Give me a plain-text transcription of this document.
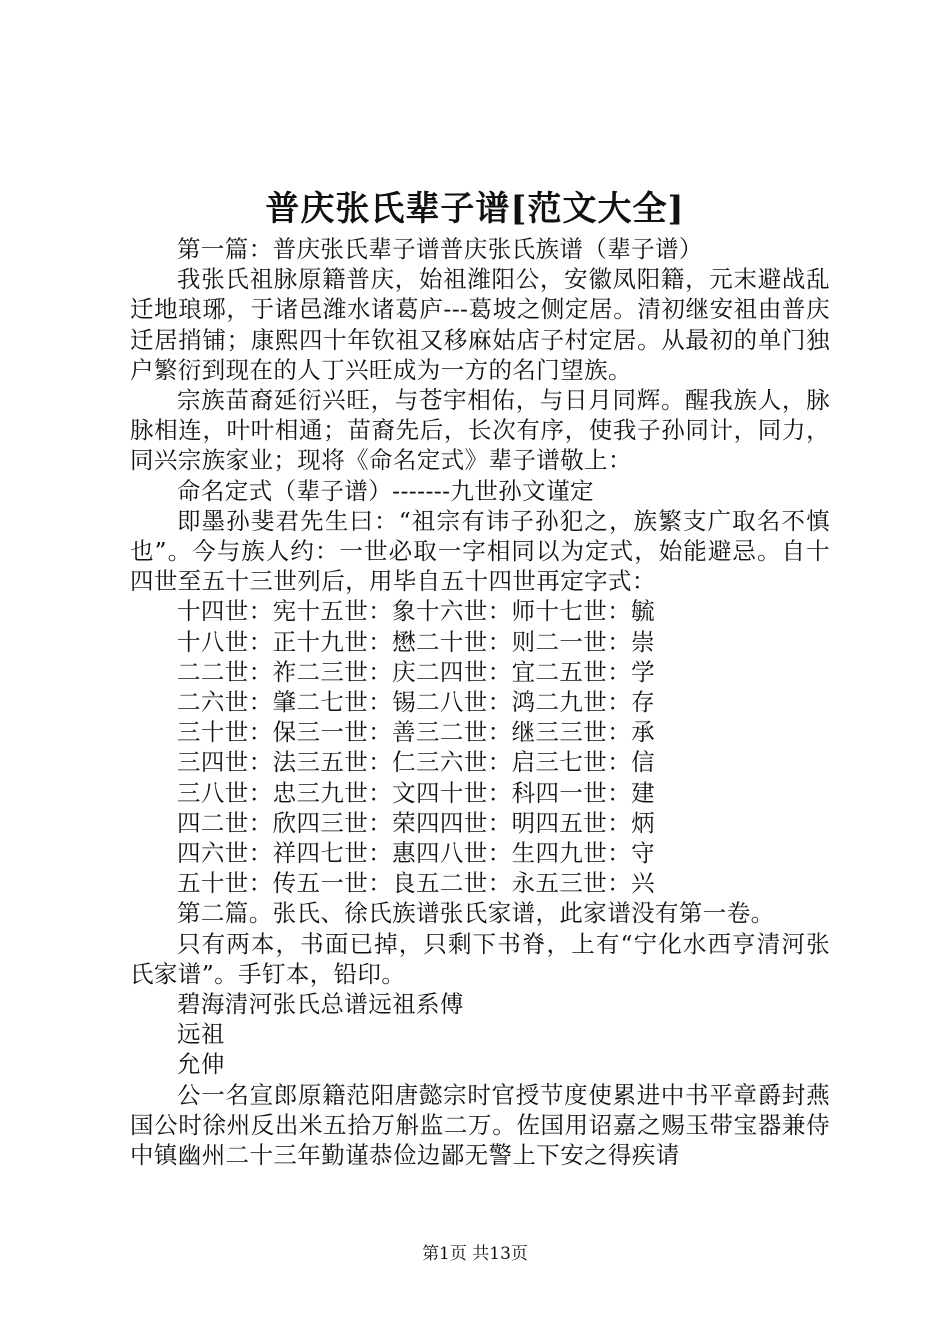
普庆张氏辈子谱[范文大全]

第一篇：普庆张氏辈子谱普庆张氏族谱（辈子谱）

我张氏祖脉原籍普庆，始祖潍阳公，安徽凤阳籍，元末避战乱迁地琅琊，于诸邑潍水诸葛庐---葛坡之侧定居。清初继安祖由普庆迁居捎铺；康熙四十年钦祖又移麻姑店子村定居。从最初的单门独户繁衍到现在的人丁兴旺成为一方的名门望族。

宗族苗裔延衍兴旺，与苍宇相佑，与日月同辉。醒我族人，脉脉相连，叶叶相通；苗裔先后，长次有序，使我子孙同计，同力，同兴宗族家业；现将《命名定式》辈子谱敬上：

命名定式（辈子谱）-------九世孙文谨定

即墨孙斐君先生曰：“祖宗有讳子孙犯之，族繁支广取名不慎也”。今与族人约：一世必取一字相同以为定式，始能避忌。自十四世至五十三世列后，用毕自五十四世再定字式：

十四世：宪十五世：象十六世：师十七世：毓

十八世：正十九世：懋二十世：则二一世：崇

二二世：祚二三世：庆二四世：宜二五世：学

二六世：肇二七世：锡二八世：鸿二九世：存

三十世：保三一世：善三二世：继三三世：承

三四世：法三五世：仁三六世：启三七世：信

三八世：忠三九世：文四十世：科四一世：建

四二世：欣四三世：荣四四世：明四五世：炳

四六世：祥四七世：惠四八世：生四九世：守

五十世：传五一世：良五二世：永五三世：兴

第二篇。张氏、徐氏族谱张氏家谱，此家谱没有第一卷。

只有两本，书面已掉，只剩下书脊，上有“宁化水西亨清河张氏家谱”。手钉本，铅印。

碧海清河张氏总谱远祖系傅

远祖

允伸

公一名宣郎原籍范阳唐懿宗时官授节度使累进中书平章爵封燕国公时徐州反出米五拾万斛监二万。佐国用诏嘉之赐玉带宝器兼侍中镇幽州二十三年勤谨恭俭边鄙无警上下安之得疾请

第1页 共13页
